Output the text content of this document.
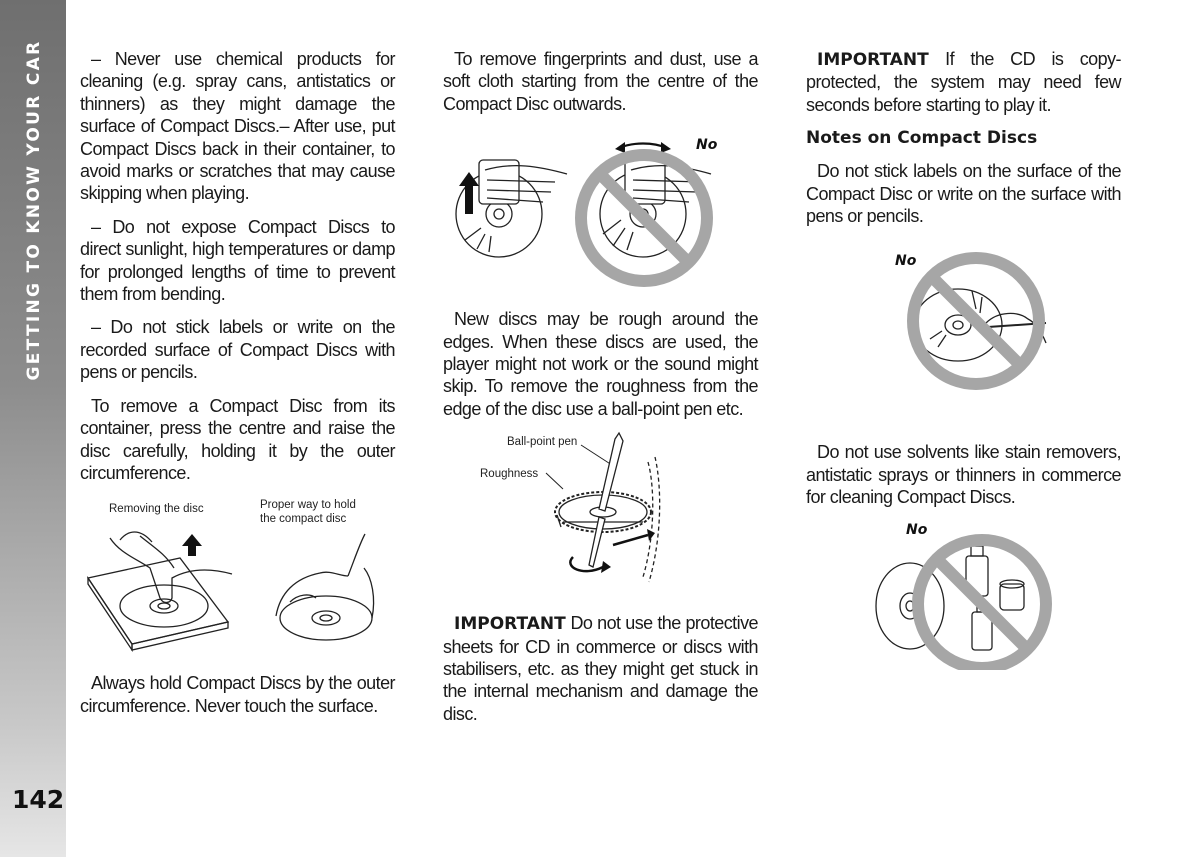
GETTING TO KNOW YOUR CAR
142

– Never use chemical products for cleaning (e.g. spray cans, antistatics or thinners) as they might damage the surface of Compact Discs.– After use, put Compact Discs back in their container, to avoid marks or scratches that may cause skipping when playing.

– Do not expose Compact Discs to direct sunlight, high temperatures or damp for prolonged lengths of time to prevent them from bending.

– Do not stick labels or write on the recorded surface of Compact Discs with pens or pencils.

To remove a Compact Disc from its container, press the centre and raise the disc carefully, holding it by the outer circumference.

Removing the disc	Proper way to hold
the compact disc

Always hold Compact Discs by the outer circumference. Never touch the surface.

To remove fingerprints and dust, use a soft cloth starting from the centre of the Compact Disc outwards.

No

New discs may be rough around the edges. When these discs are used, the player might not work or the sound might skip. To remove the roughness from the edge of the disc use a ball-point pen etc.

Ball-point pen
Roughness

IMPORTANT Do not use the protective sheets for CD in commerce or discs with stabilisers, etc. as they might get stuck in the internal mechanism and damage the disc.

IMPORTANT If the CD is copy-protected, the system may need few seconds before starting to play it.

Notes on Compact Discs

Do not stick labels on the surface of the Compact Disc or write on the surface with pens or pencils.

No

Do not use solvents like stain removers, antistatic sprays or thinners in commerce for cleaning Compact Discs.

No
